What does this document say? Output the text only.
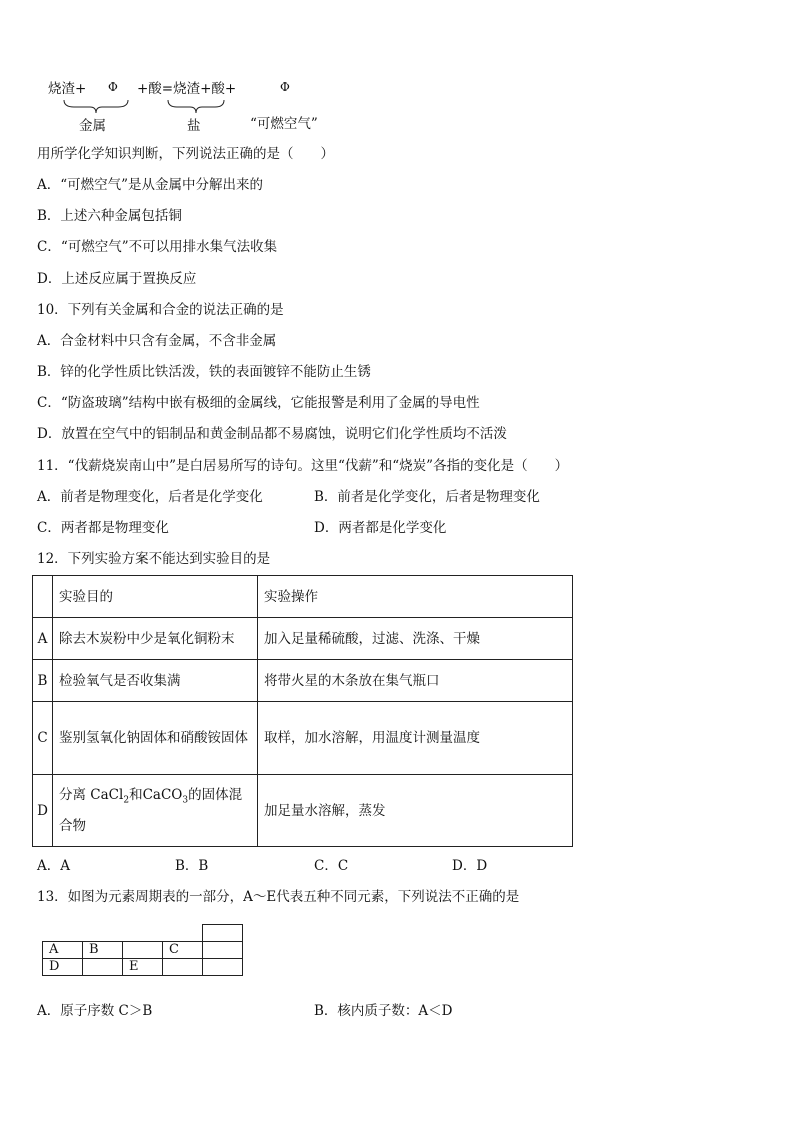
烧渣+ Φ +酸=烧渣+酸+	Φ
金属	盐	“可燃空气”
用所学化学知识判断，下列说法正确的是（　　）
A．“可燃空气”是从金属中分解出来的
B．上述六种金属包括铜
C．“可燃空气”不可以用排水集气法收集
D．上述反应属于置换反应
10．下列有关金属和合金的说法正确的是
A．合金材料中只含有金属，不含非金属
B．锌的化学性质比铁活泼，铁的表面镀锌不能防止生锈
C．“防盗玻璃”结构中嵌有极细的金属线，它能报警是利用了金属的导电性
D．放置在空气中的铝制品和黄金制品都不易腐蚀，说明它们化学性质均不活泼
11．“伐薪烧炭南山中”是白居易所写的诗句。这里“伐薪”和“烧炭”各指的变化是（　　）
A．前者是物理变化，后者是化学变化	B．前者是化学变化，后者是物理变化
C．两者都是物理变化	D．两者都是化学变化
12．下列实验方案不能达到实验目的是
	实验目的	实验操作
A	除去木炭粉中少是氧化铜粉末	加入足量稀硫酸，过滤、洗涤、干燥
B	检验氧气是否收集满	将带火星的木条放在集气瓶口
C	鉴别氢氧化钠固体和硝酸铵固体	取样，加水溶解，用温度计测量温度
D	分离 CaCl$_2$和CaCO$_3$的固体混合物	加足量水溶解，蒸发
A．A	B．B	C．C	D．D
13．如图为元素周期表的一部分，A～E代表五种不同元素，下列说法不正确的是

A	B		C	
D		E		
A．原子序数 C＞B	B．核内质子数：A＜D
